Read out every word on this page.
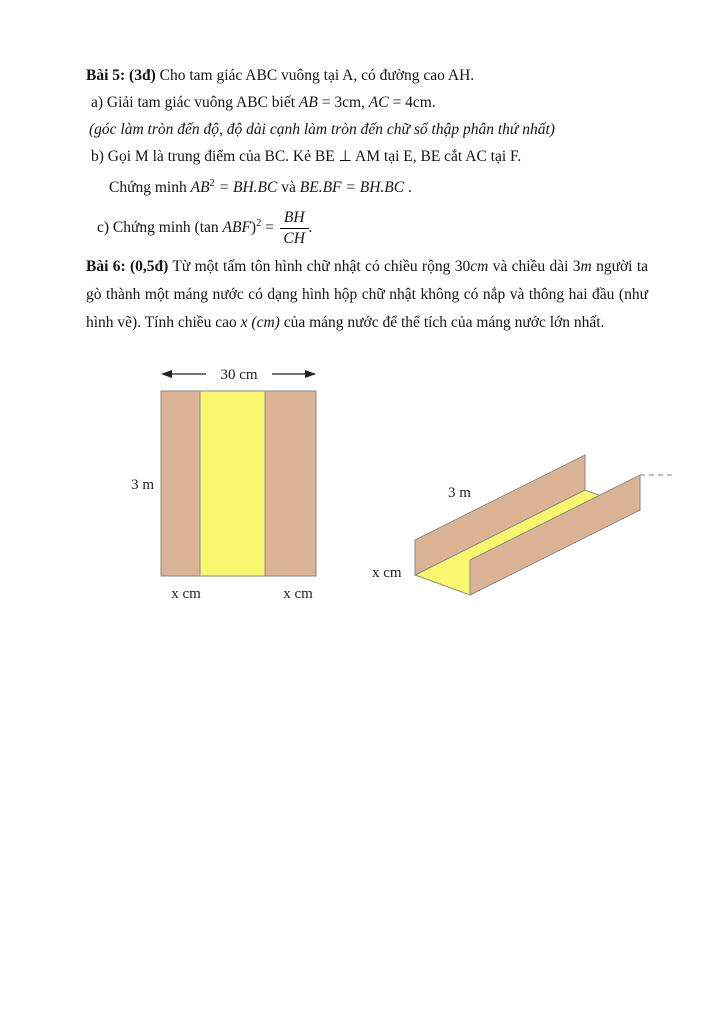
Bài 5: (3đ) Cho tam giác ABC vuông tại A, có đường cao AH.
a) Giải tam giác vuông ABC biết AB = 3cm, AC = 4cm.
(góc làm tròn đến độ, độ dài cạnh làm tròn đến chữ số thập phân thứ nhất)
b) Gọi M là trung điểm của BC. Kẻ BE ⊥ AM tại E, BE cắt AC tại F.
Chứng minh $AB^2 = BH.BC$ và BE.BF = BH.BC .
c) Chứng minh (tan $ABF)^2 = \frac{BH}{CH}$ .
Bài 6: (0,5đ) Từ một tấm tôn hình chữ nhật có chiều rộng 30cm và chiều dài 3m người ta gò thành một máng nước có dạng hình hộp chữ nhật không có nắp và thông hai đầu (như hình vẽ). Tính chiều cao x (cm) của máng nước để thể tích của máng nước lớn nhất.
30 cm
3 m
x cm	x cm
3 m
x cm
